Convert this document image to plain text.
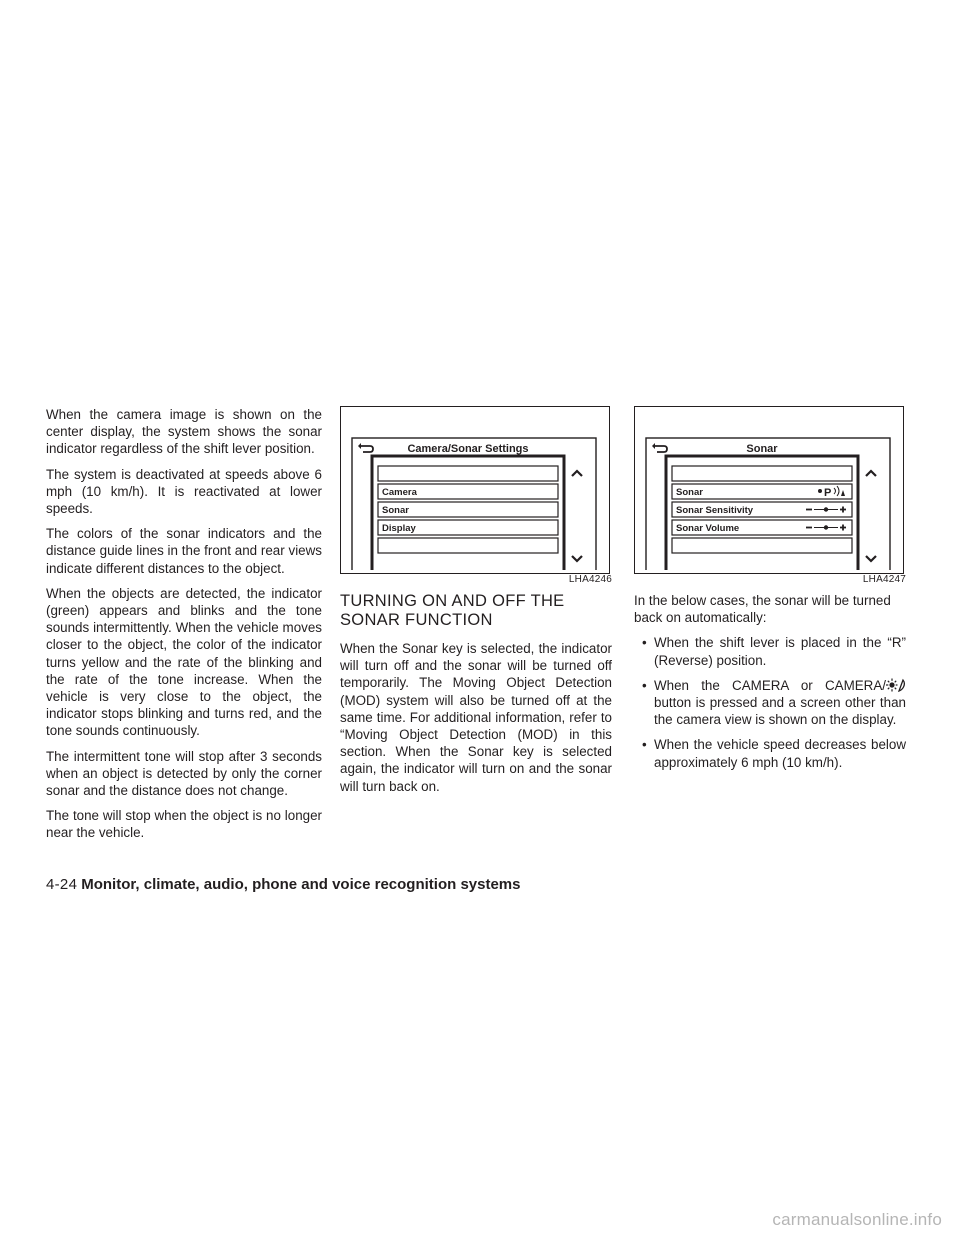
When the camera image is shown on the center display, the system shows the sonar indicator regardless of the shift lever position.

The system is deactivated at speeds above 6 mph (10 km/h). It is reactivated at lower speeds.

The colors of the sonar indicators and the distance guide lines in the front and rear views indicate different distances to the object.

When the objects are detected, the indicator (green) appears and blinks and the tone sounds intermittently. When the vehicle moves closer to the object, the color of the indicator turns yellow and the rate of the blinking and the rate of the tone increase. When the vehicle is very close to the object, the indicator stops blinking and turns red, and the tone sounds continuously.

The intermittent tone will stop after 3 seconds when an object is detected by only the corner sonar and the distance does not change.

The tone will stop when the object is no longer near the vehicle.

Camera/Sonar Settings
Camera
Sonar
Display
LHA4246
TURNING ON AND OFF THE SONAR FUNCTION

When the Sonar key is selected, the indicator will turn off and the sonar will be turned off temporarily. The Moving Object Detection (MOD) system will also be turned off at the same time. For additional information, refer to “Moving Object Detection (MOD) in this section. When the Sonar key is selected again, the indicator will turn on and the sonar will turn back on.

Sonar
Sonar	P
Sonar Sensitivity
Sonar Volume
LHA4247

In the below cases, the sonar will be turned back on automatically:

• When the shift lever is placed in the “R” (Reverse) position.
• When the CAMERA or CAMERA/ button is pressed and a screen other than the camera view is shown on the display.
• When the vehicle speed decreases below approximately 6 mph (10 km/h).
4-24 Monitor, climate, audio, phone and voice recognition systems
carmanualsonline.info
